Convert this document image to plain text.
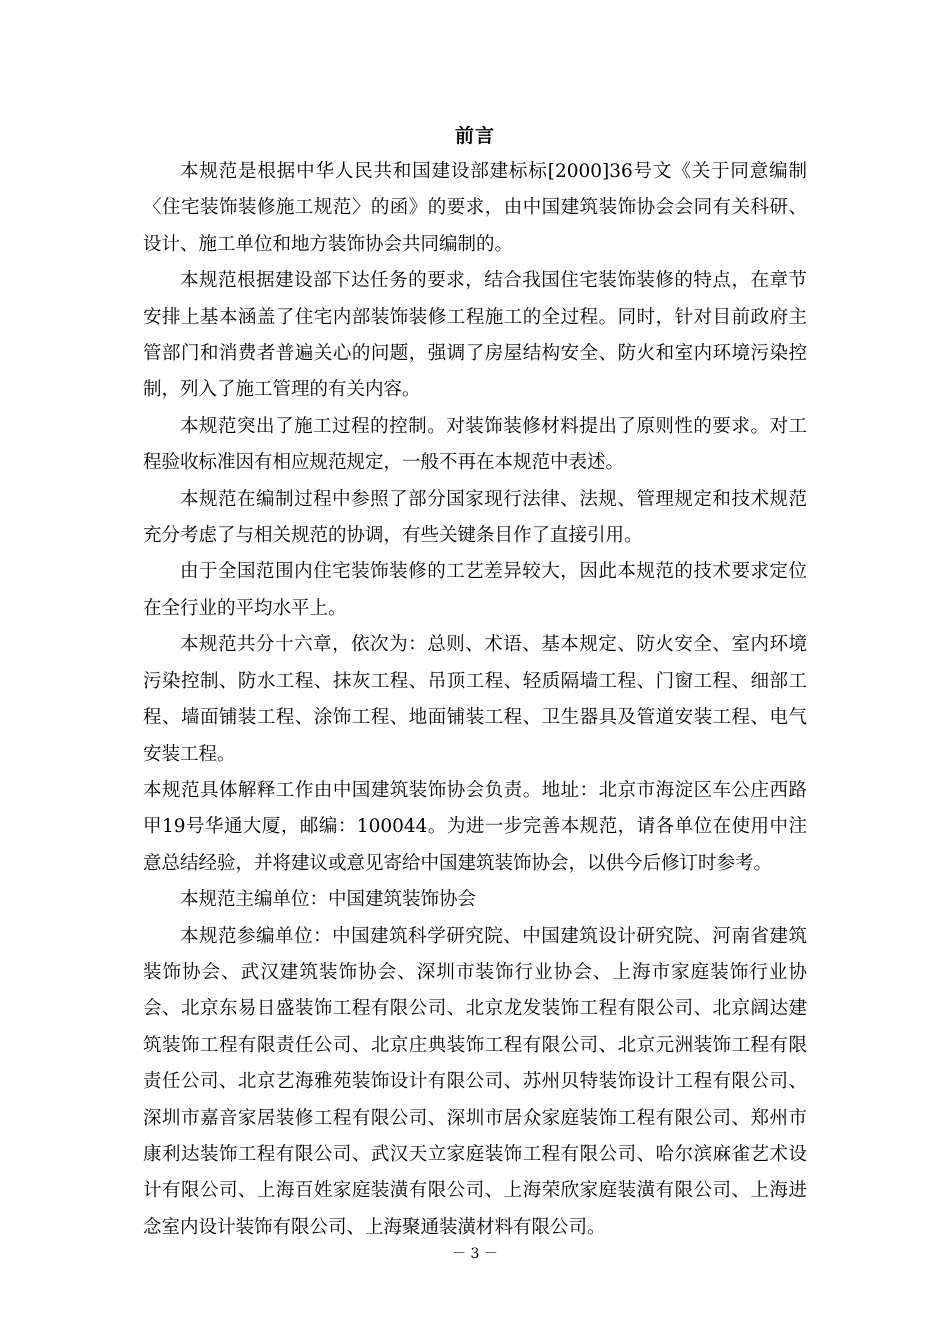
前言

本规范是根据中华人民共和国建设部建标标[2000]36号文《关于同意编制〈住宅装饰装修施工规范〉的函》的要求，由中国建筑装饰协会会同有关科研、设计、施工单位和地方装饰协会共同编制的。

本规范根据建设部下达任务的要求，结合我国住宅装饰装修的特点，在章节安排上基本涵盖了住宅内部装饰装修工程施工的全过程。同时，针对目前政府主管部门和消费者普遍关心的问题，强调了房屋结构安全、防火和室内环境污染控制，列入了施工管理的有关内容。

本规范突出了施工过程的控制。对装饰装修材料提出了原则性的要求。对工程验收标准因有相应规范规定，一般不再在本规范中表述。

本规范在编制过程中参照了部分国家现行法律、法规、管理规定和技术规范充分考虑了与相关规范的协调，有些关键条目作了直接引用。

由于全国范围内住宅装饰装修的工艺差异较大，因此本规范的技术要求定位在全行业的平均水平上。

本规范共分十六章，依次为：总则、术语、基本规定、防火安全、室内环境污染控制、防水工程、抹灰工程、吊顶工程、轻质隔墙工程、门窗工程、细部工程、墙面铺装工程、涂饰工程、地面铺装工程、卫生器具及管道安装工程、电气安装工程。

本规范具体解释工作由中国建筑装饰协会负责。地址：北京市海淀区车公庄西路甲19号华通大厦，邮编：100044。为进一步完善本规范，请各单位在使用中注意总结经验，并将建议或意见寄给中国建筑装饰协会，以供今后修订时参考。

本规范主编单位：中国建筑装饰协会

本规范参编单位：中国建筑科学研究院、中国建筑设计研究院、河南省建筑装饰协会、武汉建筑装饰协会、深圳市装饰行业协会、上海市家庭装饰行业协会、北京东易日盛装饰工程有限公司、北京龙发装饰工程有限公司、北京阔达建筑装饰工程有限责任公司、北京庄典装饰工程有限公司、北京元洲装饰工程有限责任公司、北京艺海雅苑装饰设计有限公司、苏州贝特装饰设计工程有限公司、深圳市嘉音家居装修工程有限公司、深圳市居众家庭装饰工程有限公司、郑州市康利达装饰工程有限公司、武汉天立家庭装饰工程有限公司、哈尔滨麻雀艺术设计有限公司、上海百姓家庭装潢有限公司、上海荣欣家庭装潢有限公司、上海进念室内设计装饰有限公司、上海聚通装潢材料有限公司。

－ 3 －
